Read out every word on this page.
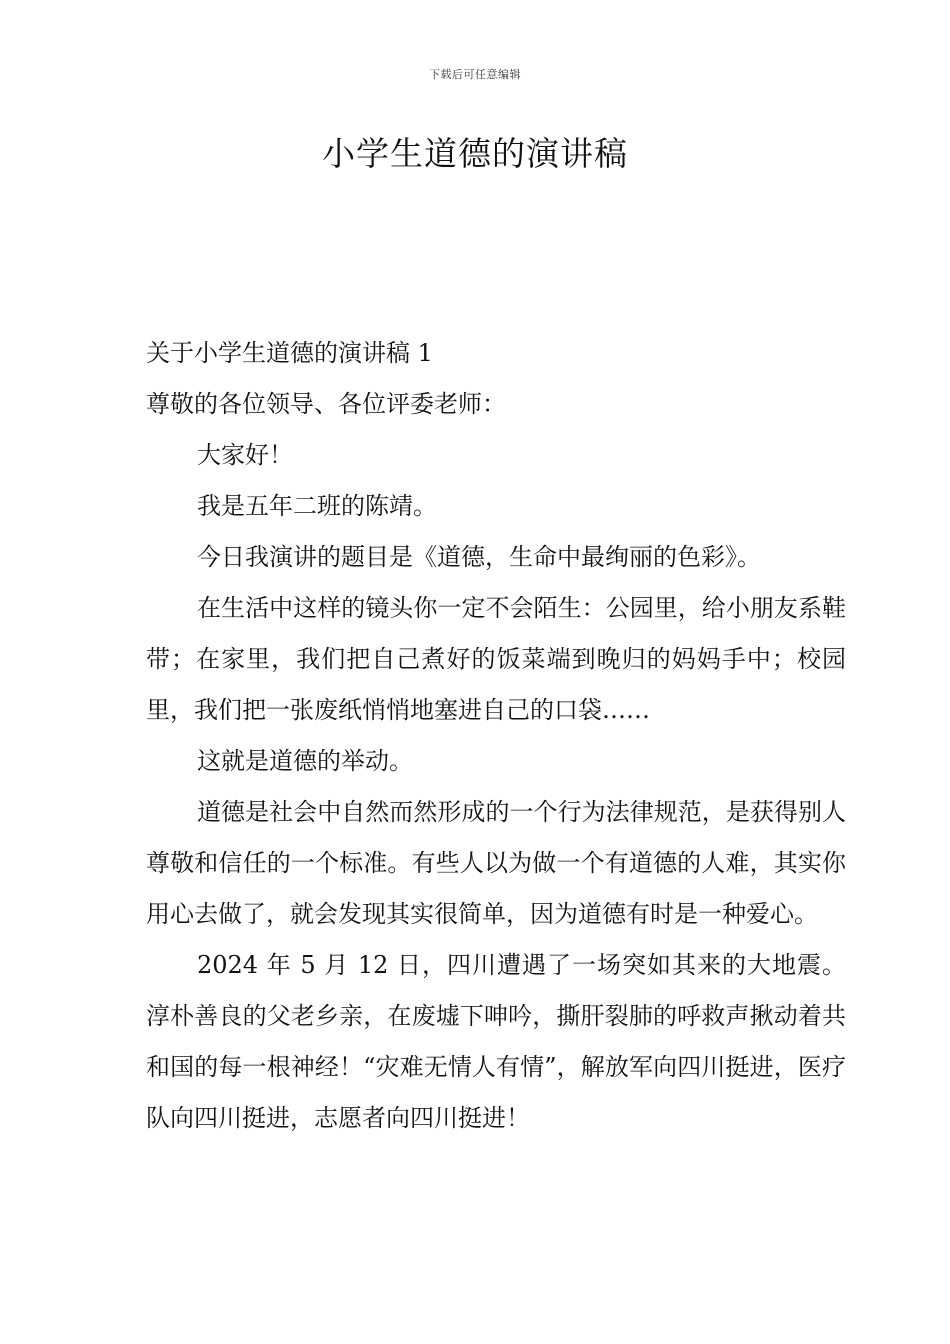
下载后可任意编辑
小学生道德的演讲稿

关于小学生道德的演讲稿 1

尊敬的各位领导、各位评委老师：

大家好！

我是五年二班的陈靖。

今日我演讲的题目是《道德，生命中最绚丽的色彩》。

在生活中这样的镜头你一定不会陌生：公园里，给小朋友系鞋带；在家里，我们把自己煮好的饭菜端到晚归的妈妈手中；校园里，我们把一张废纸悄悄地塞进自己的口袋……

这就是道德的举动。

道德是社会中自然而然形成的一个行为法律规范，是获得别人尊敬和信任的一个标准。有些人以为做一个有道德的人难，其实你用心去做了，就会发现其实很简单，因为道德有时是一种爱心。

2024 年 5 月 12 日，四川遭遇了一场突如其来的大地震。淳朴善良的父老乡亲，在废墟下呻吟，撕肝裂肺的呼救声揪动着共和国的每一根神经！“灾难无情人有情”，解放军向四川挺进，医疗队向四川挺进，志愿者向四川挺进！
